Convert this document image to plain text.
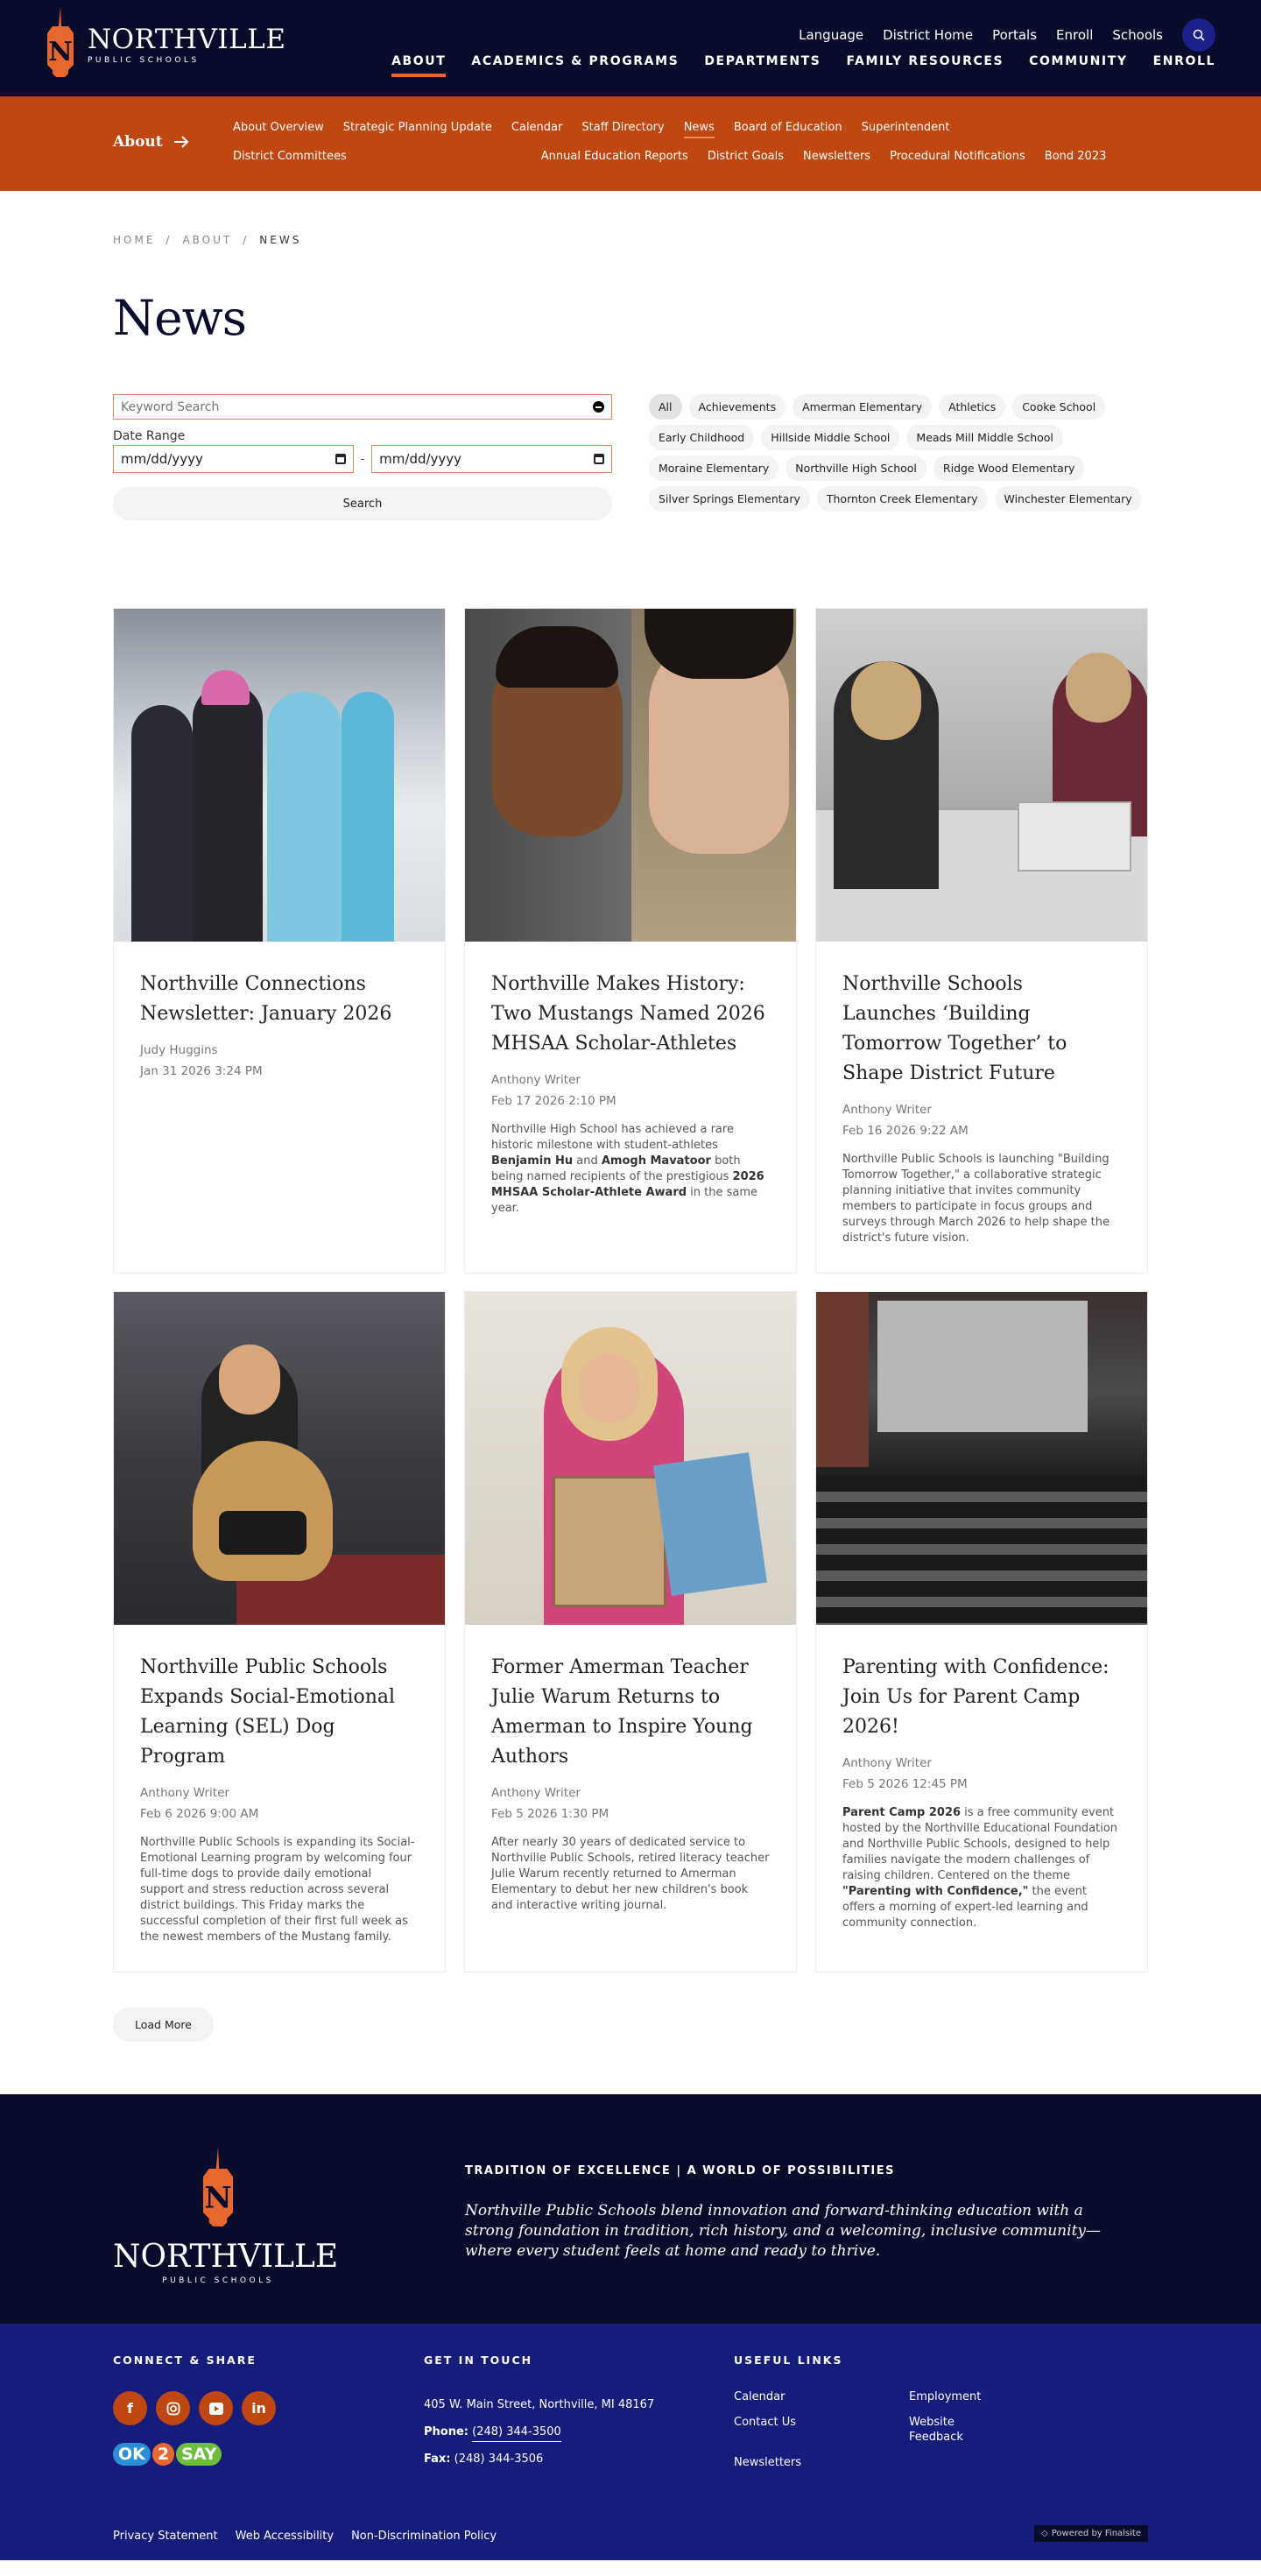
N NORTHVILLE
PUBLIC SCHOOLS
Language District Home Portals Enroll Schools
ABOUT ACADEMICS & PROGRAMS DEPARTMENTS FAMILY RESOURCES COMMUNITY ENROLL
About
About Overview Strategic Planning Update Calendar Staff Directory News Board of Education Superintendent
District Committees	Annual Education Reports District Goals Newsletters Procedural Notifications Bond 2023
HOME / ABOUT / NEWS
News
Keyword Search
Date Range
mm/dd/yyyy	- mm/dd/yyyy
Search
All	Achievements	Amerman Elementary	Athletics	Cooke School
Early Childhood	Hillside Middle School	Meads Mill Middle School
Moraine Elementary	Northville High School	Ridge Wood Elementary
Silver Springs Elementary	Thornton Creek Elementary	Winchester Elementary
Northville Connections Newsletter: January 2026
Judy Huggins
Jan 31 2026 3:24 PM
Northville Makes History: Two Mustangs Named 2026 MHSAA Scholar-Athletes
Anthony Writer
Feb 17 2026 2:10 PM

Northville High School has achieved a rare historic milestone with student-athletes Benjamin Hu and Amogh Mavatoor both being named recipients of the prestigious 2026 MHSAA Scholar-Athlete Award in the same year.

Northville Schools Launches ‘Building Tomorrow Together’ to Shape District Future
Anthony Writer
Feb 16 2026 9:22 AM

Northville Public Schools is launching "Building Tomorrow Together," a collaborative strategic planning initiative that invites community members to participate in focus groups and surveys through March 2026 to help shape the district's future vision.

Northville Public Schools Expands Social-Emotional Learning (SEL) Dog Program
Anthony Writer
Feb 6 2026 9:00 AM

Northville Public Schools is expanding its Social-Emotional Learning program by welcoming four full-time dogs to provide daily emotional support and stress reduction across several district buildings. This Friday marks the successful completion of their first full week as the newest members of the Mustang family.

Former Amerman Teacher Julie Warum Returns to Amerman to Inspire Young Authors
Anthony Writer
Feb 5 2026 1:30 PM

After nearly 30 years of dedicated service to Northville Public Schools, retired literacy teacher Julie Warum recently returned to Amerman Elementary to debut her new children's book and interactive writing journal.

Parenting with Confidence: Join Us for Parent Camp 2026!
Anthony Writer
Feb 5 2026 12:45 PM

Parent Camp 2026 is a free community event hosted by the Northville Educational Foundation and Northville Public Schools, designed to help families navigate the modern challenges of raising children. Centered on the theme "Parenting with Confidence," the event offers a morning of expert-led learning and community connection.

Load More
N
NORTHVILLE
PUBLIC SCHOOLS
TRADITION OF EXCELLENCE | A WORLD OF POSSIBILITIES

Northville Public Schools blend innovation and forward-thinking education with a strong foundation in tradition, rich history, and a welcoming, inclusive community—where every student feels at home and ready to thrive.

CONNECT & SHARE
f	in
OK 2 SAY
GET IN TOUCH
405 W. Main Street, Northville, MI 48167
Phone: (248) 344-3500
Fax: (248) 344-3506
USEFUL LINKS
Calendar	Employment
Contact Us	Website Feedback
Newsletters
Privacy Statement Web Accessibility Non-Discrimination Policy	◇ Powered by Finalsite
